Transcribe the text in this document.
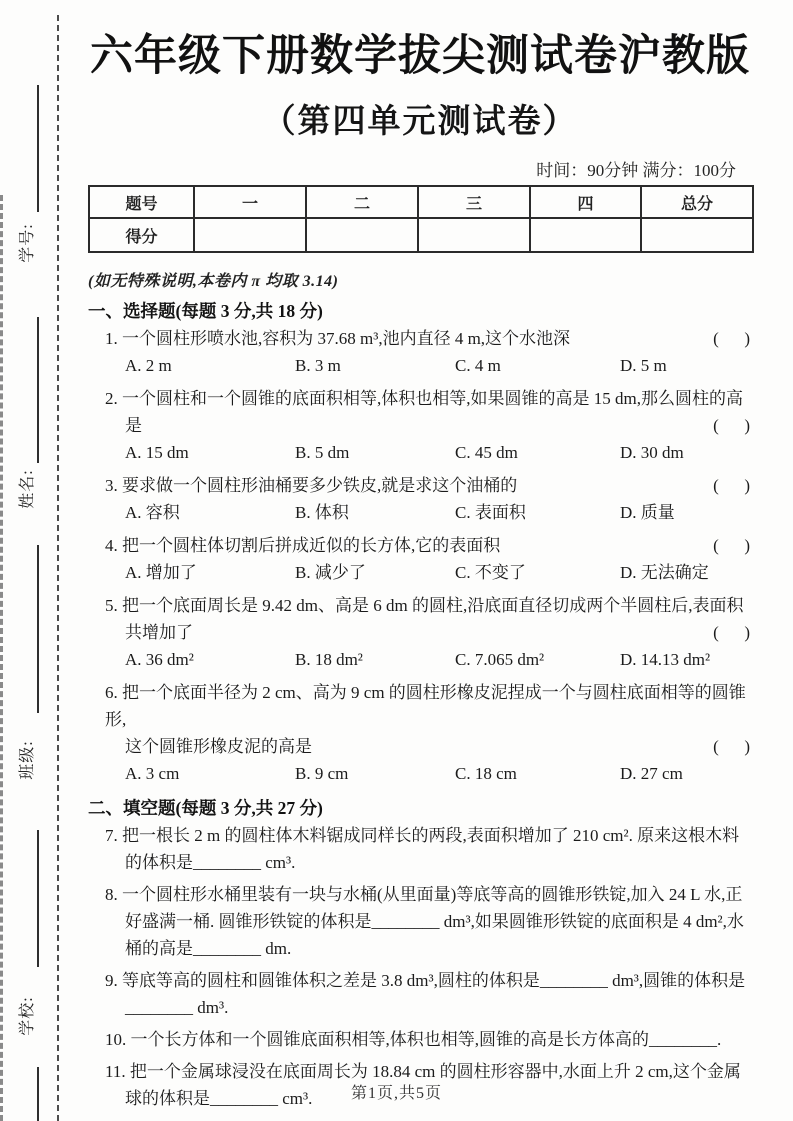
学号:
姓名:
班级:
学校:
六年级下册数学拔尖测试卷沪教版
（第四单元测试卷）
时间：90分钟 满分：100分
题号	一	二	三	四	总分
得分					
(如无特殊说明,本卷内 π 均取 3.14)
一、选择题(每题 3 分,共 18 分)
1. 一个圆柱形喷水池,容积为 37.68 m³,池内直径 4 m,这个水池深	(      )
A. 2 m	B. 3 m	C. 4 m	D. 5 m
2. 一个圆柱和一个圆锥的底面积相等,体积也相等,如果圆锥的高是 15 dm,那么圆柱的高
是	(      )
A. 15 dm	B. 5 dm	C. 45 dm	D. 30 dm
3. 要求做一个圆柱形油桶要多少铁皮,就是求这个油桶的	(      )
A. 容积	B. 体积	C. 表面积	D. 质量
4. 把一个圆柱体切割后拼成近似的长方体,它的表面积	(      )
A. 增加了	B. 减少了	C. 不变了	D. 无法确定
5. 把一个底面周长是 9.42 dm、高是 6 dm 的圆柱,沿底面直径切成两个半圆柱后,表面积
共增加了	(      )
A. 36 dm²	B. 18 dm²	C. 7.065 dm²	D. 14.13 dm²
6. 把一个底面半径为 2 cm、高为 9 cm 的圆柱形橡皮泥捏成一个与圆柱底面相等的圆锥形,
这个圆锥形橡皮泥的高是	(      )
A. 3 cm	B. 9 cm	C. 18 cm	D. 27 cm
二、填空题(每题 3 分,共 27 分)
7. 把一根长 2 m 的圆柱体木料锯成同样长的两段,表面积增加了 210 cm². 原来这根木料
的体积是________ cm³.
8. 一个圆柱形水桶里装有一块与水桶(从里面量)等底等高的圆锥形铁锭,加入 24 L 水,正
好盛满一桶. 圆锥形铁锭的体积是________ dm³,如果圆锥形铁锭的底面积是 4 dm²,水
桶的高是________ dm.
9. 等底等高的圆柱和圆锥体积之差是 3.8 dm³,圆柱的体积是________ dm³,圆锥的体积是
________ dm³.
10. 一个长方体和一个圆锥底面积相等,体积也相等,圆锥的高是长方体高的________.
11. 把一个金属球浸没在底面周长为 18.84 cm 的圆柱形容器中,水面上升 2 cm,这个金属
球的体积是________ cm³.	第1页,共5页
